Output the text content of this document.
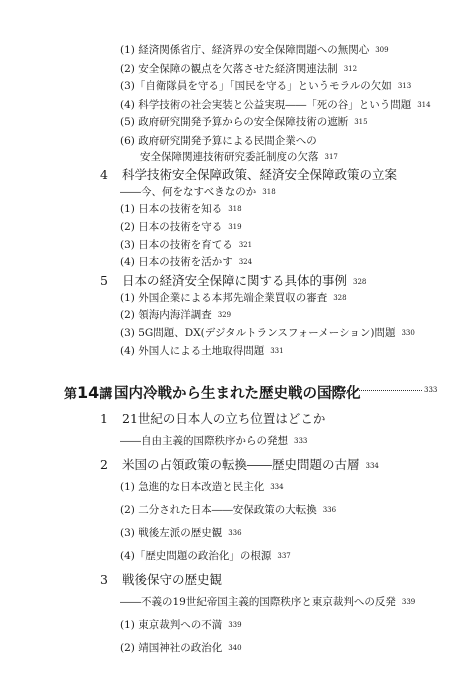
第14講 国内冷戦から生まれた歴史戦の国際化	333
1 21世紀の日本人の立ち位置はどこか
――自由主義的国際秩序からの発想 333
2 米国の占領政策の転換――歴史問題の古層 334
(1) 急進的な日本改造と民主化 334
(2) 二分された日本――安保政策の大転換 336
(3) 戦後左派の歴史観 336
(4)「歴史問題の政治化」の根源 337
3 戦後保守の歴史観
――不義の19世紀帝国主義的国際秩序と東京裁判への反発 339
(1) 東京裁判への不満 339
(2) 靖国神社の政治化 340
(1) 経済関係省庁、経済界の安全保障問題への無関心 309
(2) 安全保障の観点を欠落させた経済関連法制 312
(3)「自衛隊員を守る」「国民を守る」というモラルの欠如 313
(4) 科学技術の社会実装と公益実現――「死の谷」という問題 314
(5) 政府研究開発予算からの安全保障技術の遮断 315
(6) 政府研究開発予算による民間企業への
安全保障関連技術研究委託制度の欠落 317
4 科学技術安全保障政策、経済安全保障政策の立案
――今、何をなすべきなのか 318
(1) 日本の技術を知る 318
(2) 日本の技術を守る 319
(3) 日本の技術を育てる 321
(4) 日本の技術を活かす 324
5 日本の経済安全保障に関する具体的事例 328
(1) 外国企業による本邦先端企業買収の審査 328
(2) 領海内海洋調査 329
(3) 5G問題、DX(デジタルトランスフォーメーション)問題 330
(4) 外国人による土地取得問題 331
